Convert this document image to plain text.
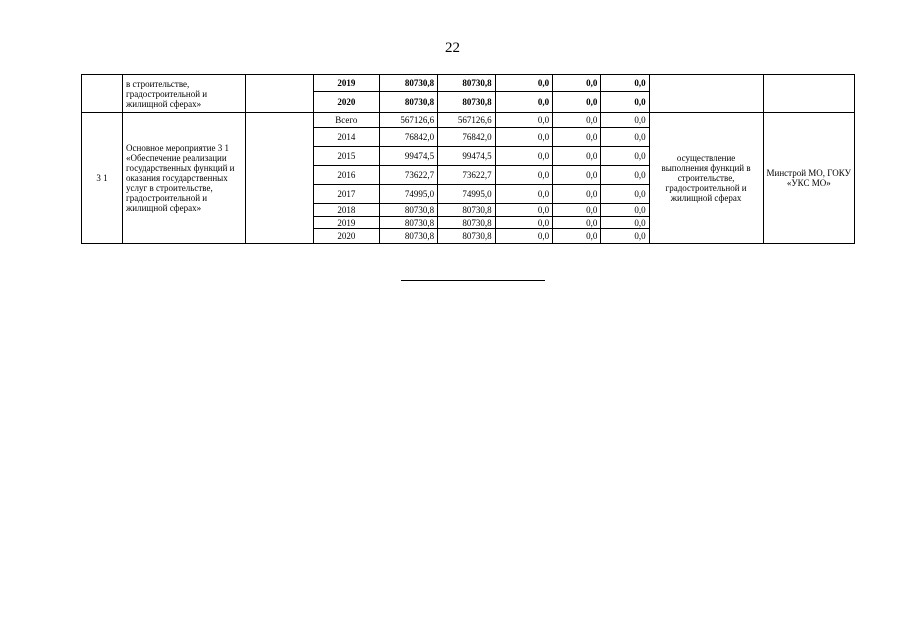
22
	в строительстве, градостроительной и жилищной сферах»		2019	80730,8	80730,8	0,0	0,0	0,0		
			2020	80730,8	80730,8	0,0	0,0	0,0		
3 1	Основное мероприятие 3 1 «Обеспечение реализации государственных функций и оказания государственных услуг в строительстве, градостроительной и жилищной сферах»		Всего	567126,6	567126,6	0,0	0,0	0,0	осуществление выполнения функций в строительстве, градостроительной и жилищной сферах	Минстрой МО, ГОКУ «УКС МО»
			2014	76842,0	76842,0	0,0	0,0	0,0		
			2015	99474,5	99474,5	0,0	0,0	0,0		
			2016	73622,7	73622,7	0,0	0,0	0,0		
			2017	74995,0	74995,0	0,0	0,0	0,0		
			2018	80730,8	80730,8	0,0	0,0	0,0		
			2019	80730,8	80730,8	0,0	0,0	0,0		
			2020	80730,8	80730,8	0,0	0,0	0,0		
